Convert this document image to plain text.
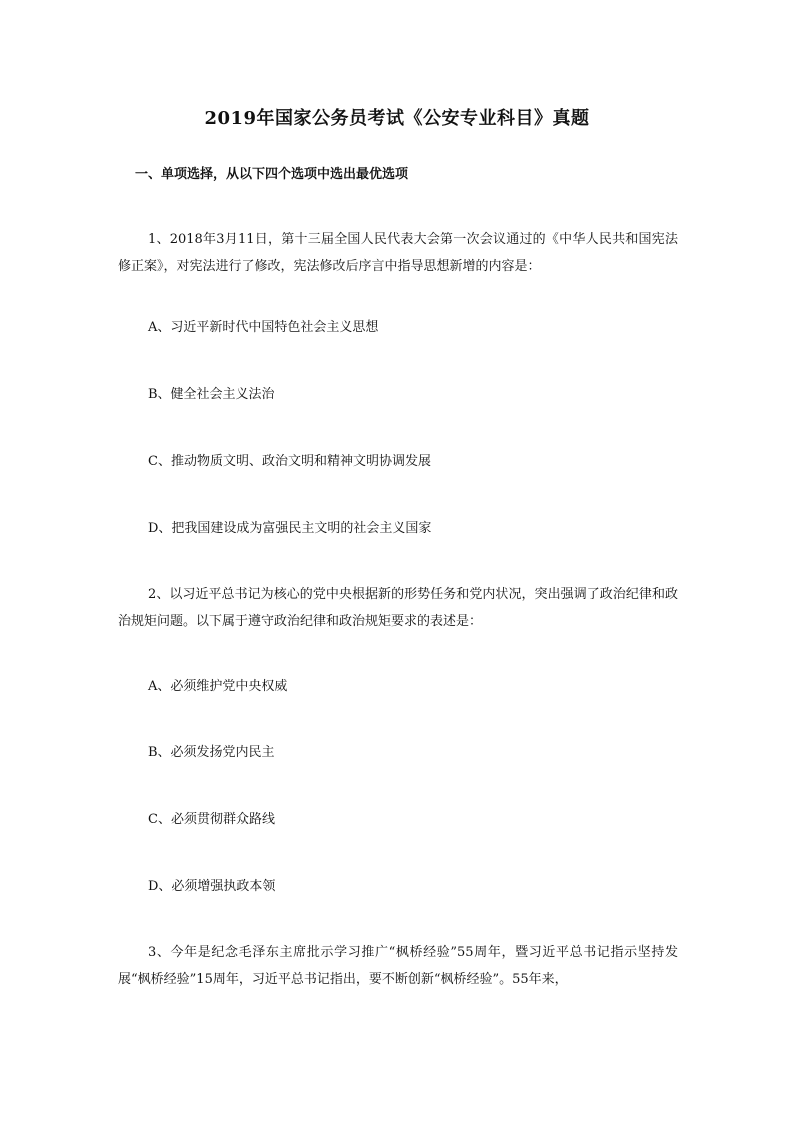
2019年国家公务员考试《公安专业科目》真题
一、单项选择，从以下四个选项中选出最优选项
1、2018年3月11日，第十三届全国人民代表大会第一次会议通过的《中华人民共和国宪法修正案》，对宪法进行了修改，宪法修改后序言中指导思想新增的内容是：
A、习近平新时代中国特色社会主义思想
B、健全社会主义法治
C、推动物质文明、政治文明和精神文明协调发展
D、把我国建设成为富强民主文明的社会主义国家
2、以习近平总书记为核心的党中央根据新的形势任务和党内状况，突出强调了政治纪律和政治规矩问题。以下属于遵守政治纪律和政治规矩要求的表述是：
A、必须维护党中央权威
B、必须发扬党内民主
C、必须贯彻群众路线
D、必须增强执政本领
3、今年是纪念毛泽东主席批示学习推广“枫桥经验”55周年，暨习近平总书记指示坚持发展“枫桥经验”15周年，习近平总书记指出，要不断创新“枫桥经验”。55年来，
